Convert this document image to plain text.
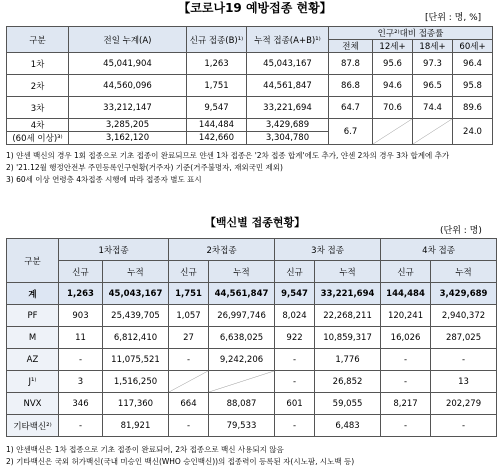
【코로나19 예방접종 현황】
[단위 : 명, %]
구분	전일 누계(A)	신규 접종(B)¹⁾	누적 접종(A+B)¹⁾	인구²⁾대비 접종률			
				전체	12세+	18세+	60세+
1차	45,041,904	1,263	45,043,167	87.8	95.6	97.3	96.4
2차	44,560,096	1,751	44,561,847	86.8	94.6	96.5	95.8
3차	33,212,147	9,547	33,221,694	64.7	70.6	74.4	89.6
4차	3,285,205	144,484	3,429,689	6.7			24.0
(60세 이상)³⁾	3,162,120	142,660	3,304,780				
1) 얀센 백신의 경우 1회 접종으로 기초 접종이 완료되므로 얀센 1차 접종은 '2차 접종 합계'에도 추가, 얀센 2차의 경우 3차 합계에 추가
2) '21.12월 행정안전부 주민등록인구현황(거주자) 기준(거주불명자, 재외국민 제외)
3) 60세 이상 연령층 4차접종 시행에 따라 접종자 별도 표시
【백신별 접종현황】
(단위 : 명)
구분	1차접종		2차접종		3차 접종		4차 접종	
	신규	누적	신규	누적	신규	누적	신규	누적
계	1,263	45,043,167	1,751	44,561,847	9,547	33,221,694	144,484	3,429,689
PF	903	25,439,705	1,057	26,997,746	8,024	22,268,211	120,241	2,940,372
M	11	6,812,410	27	6,638,025	922	10,859,317	16,026	287,025
AZ	-	11,075,521	-	9,242,206	-	1,776	-	-
J¹⁾	3	1,516,250			-	26,852	-	13
NVX	346	117,360	664	88,087	601	59,055	8,217	202,279
기타백신²⁾	-	81,921	-	79,533	-	6,483	-	-
1) 얀센백신은 1차 접종으로 기초 접종이 완료되어, 2차 접종으로 백신 사용되지 않음
2) 기타백신은 국외 허가백신(국내 미승인 백신(WHO 승인백신))의 접종력이 등록된 자(시노팜, 시노백 등)
